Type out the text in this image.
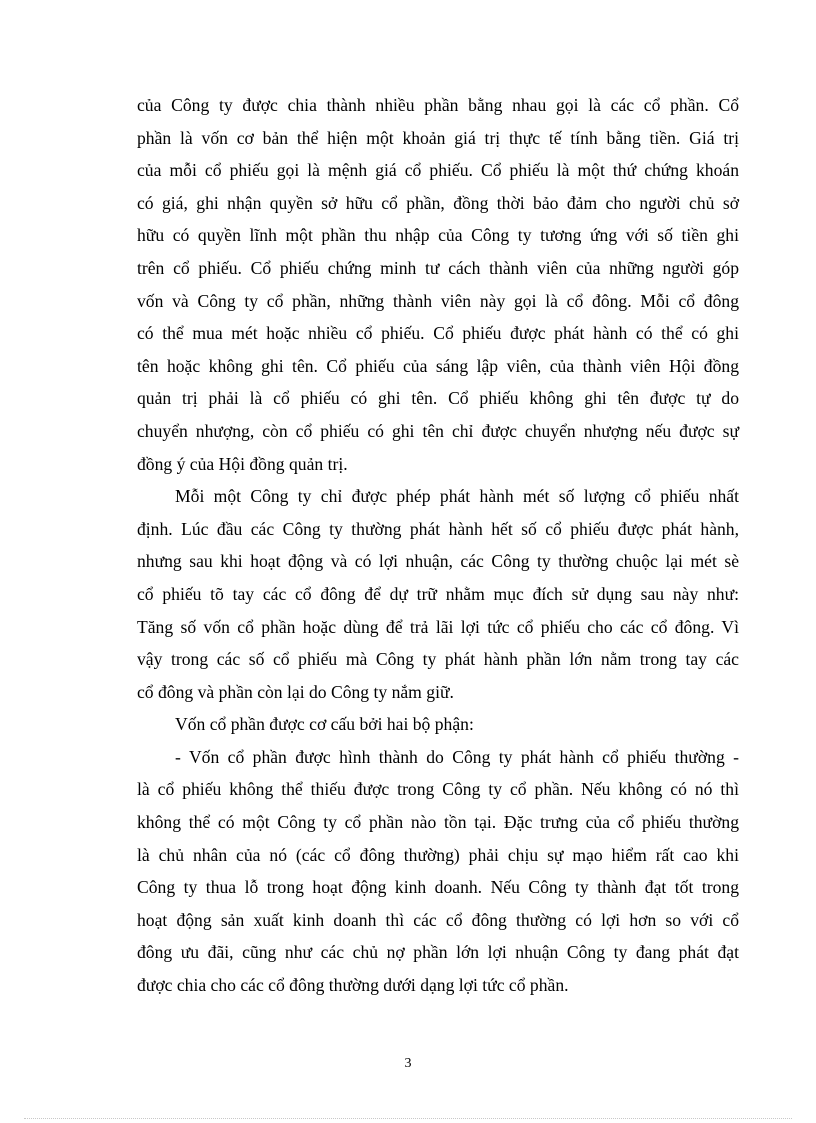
của Công ty được chia thành nhiều phần bằng nhau gọi là các cổ phần. Cổ
phần là vốn cơ bản thể hiện một khoản giá trị thực tế tính bằng tiền. Giá trị
của mỗi cổ phiếu gọi là mệnh giá cổ phiếu. Cổ phiếu là một thứ chứng khoán
có giá, ghi nhận quyền sở hữu cổ phần, đồng thời bảo đảm cho người chủ sở
hữu có quyền lĩnh một phần thu nhập của Công ty tương ứng với số tiền ghi
trên cổ phiếu. Cổ phiếu chứng minh tư cách thành viên của những người góp
vốn và Công ty cổ phần, những thành viên này gọi là cổ đông. Mỗi cổ đông
có thể mua mét hoặc nhiều cổ phiếu. Cổ phiếu được phát hành có thể có ghi
tên hoặc không ghi tên. Cổ phiếu của sáng lập viên, của thành viên Hội đồng
quản trị phải là cổ phiếu có ghi tên. Cổ phiếu không ghi tên được tự do
chuyển nhượng, còn cổ phiếu có ghi tên chỉ được chuyển nhượng nếu được sự
đồng ý của Hội đồng quản trị.
Mỗi một Công ty chỉ được phép phát hành mét số lượng cổ phiếu nhất
định. Lúc đầu các Công ty thường phát hành hết số cổ phiếu được phát hành,
nhưng sau khi hoạt động và có lợi nhuận, các Công ty thường chuộc lại mét sè
cổ phiếu tõ tay các cổ đông để dự trữ nhằm mục đích sử dụng sau này như:
Tăng số vốn cổ phần hoặc dùng để trả lãi lợi tức cổ phiếu cho các cổ đông. Vì
vậy trong các số cổ phiếu mà Công ty phát hành phần lớn nằm trong tay các
cổ đông và phần còn lại do Công ty nắm giữ.
Vốn cổ phần được cơ cấu bởi hai bộ phận:
- Vốn cổ phần được hình thành do Công ty phát hành cổ phiếu thường -
là cổ phiếu không thể thiếu được trong Công ty cổ phần. Nếu không có nó thì
không thể có một Công ty cổ phần nào tồn tại. Đặc trưng của cổ phiếu thường
là chủ nhân của nó (các cổ đông thường) phải chịu sự mạo hiểm rất cao khi
Công ty thua lỗ trong hoạt động kinh doanh. Nếu Công ty thành đạt tốt trong
hoạt động sản xuất kinh doanh thì các cổ đông thường có lợi hơn so với cổ
đông ưu đãi, cũng như các chủ nợ phần lớn lợi nhuận Công ty đang phát đạt
được chia cho các cổ đông thường dưới dạng lợi tức cổ phần.
3
